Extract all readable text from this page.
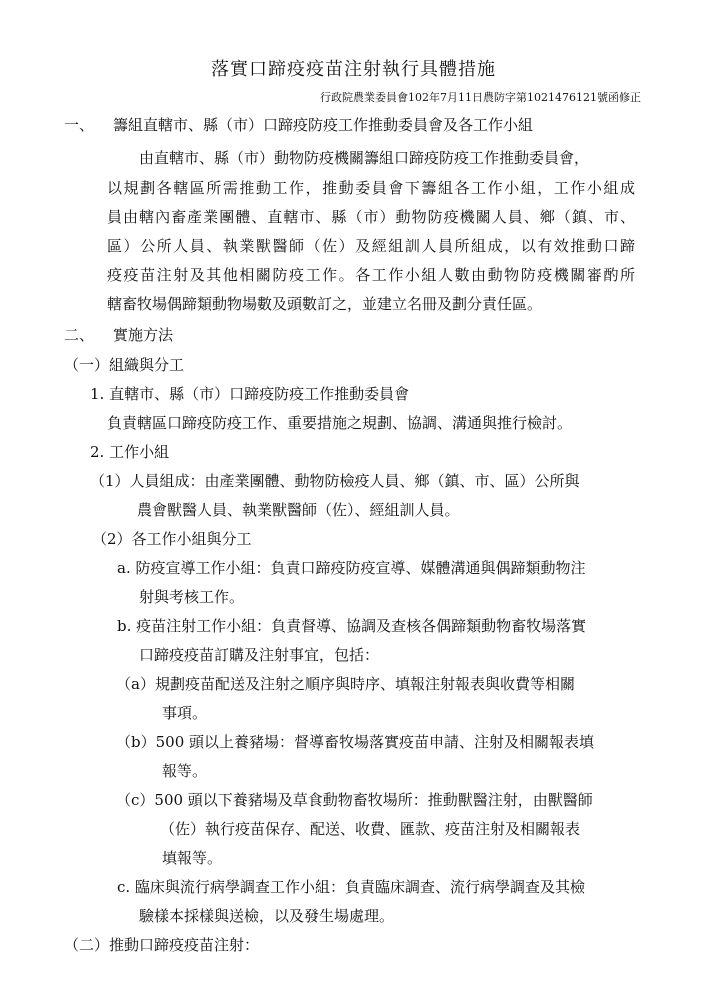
落實口蹄疫疫苗注射執行具體措施
行政院農業委員會102年7月11日農防字第1021476121號函修正
一、 籌組直轄市、縣（市）口蹄疫防疫工作推動委員會及各工作小組
由直轄市、縣（市）動物防疫機關籌組口蹄疫防疫工作推動委員會，
以規劃各轄區所需推動工作，推動委員會下籌組各工作小組，工作小組成
員由轄內畜產業團體、直轄市、縣（市）動物防疫機關人員、鄉（鎮、市、
區）公所人員、執業獸醫師（佐）及經組訓人員所組成，以有效推動口蹄
疫疫苗注射及其他相關防疫工作。各工作小組人數由動物防疫機關審酌所
轄畜牧場偶蹄類動物場數及頭數訂之，並建立名冊及劃分責任區。
二、 實施方法
（一）組織與分工
1. 直轄市、縣（市）口蹄疫防疫工作推動委員會
負責轄區口蹄疫防疫工作、重要措施之規劃、協調、溝通與推行檢討。
2. 工作小組
（1）人員組成：由產業團體、動物防檢疫人員、鄉（鎮、市、區）公所與
農會獸醫人員、執業獸醫師（佐）、經組訓人員。
（2）各工作小組與分工
a. 防疫宣導工作小組：負責口蹄疫防疫宣導、媒體溝通與偶蹄類動物注
射與考核工作。
b. 疫苗注射工作小組：負責督導、協調及查核各偶蹄類動物畜牧場落實
口蹄疫疫苗訂購及注射事宜，包括：
（a）規劃疫苗配送及注射之順序與時序、填報注射報表與收費等相關
事項。
（b）500 頭以上養豬場：督導畜牧場落實疫苗申請、注射及相關報表填
報等。
（c）500 頭以下養豬場及草食動物畜牧場所：推動獸醫注射，由獸醫師
（佐）執行疫苗保存、配送、收費、匯款、疫苗注射及相關報表
填報等。
c. 臨床與流行病學調查工作小組：負責臨床調查、流行病學調查及其檢
驗樣本採樣與送檢，以及發生場處理。
（二）推動口蹄疫疫苗注射：
